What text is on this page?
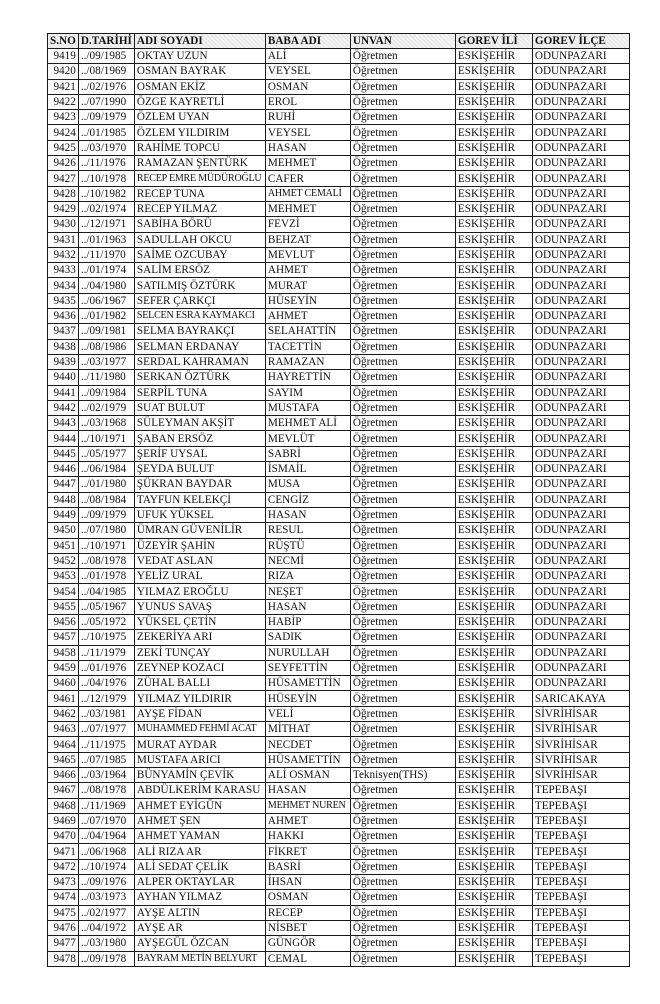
S.NO	D.TARİHİ	ADI SOYADI	BABA ADI	UNVAN	GOREV İLİ	GOREV İLÇE
9419	../09/1985	OKTAY UZUN	ALİ	Öğretmen	ESKİŞEHİR	ODUNPAZARI
9420	../08/1969	OSMAN BAYRAK	VEYSEL	Öğretmen	ESKİŞEHİR	ODUNPAZARI
9421	../02/1976	OSMAN EKİZ	OSMAN	Öğretmen	ESKİŞEHİR	ODUNPAZARI
9422	../07/1990	ÖZGE KAYRETLİ	EROL	Öğretmen	ESKİŞEHİR	ODUNPAZARI
9423	../09/1979	ÖZLEM UYAN	RUHİ	Öğretmen	ESKİŞEHİR	ODUNPAZARI
9424	../01/1985	ÖZLEM YILDIRIM	VEYSEL	Öğretmen	ESKİŞEHİR	ODUNPAZARI
9425	../03/1970	RAHİME TOPCU	HASAN	Öğretmen	ESKİŞEHİR	ODUNPAZARI
9426	../11/1976	RAMAZAN ŞENTÜRK	MEHMET	Öğretmen	ESKİŞEHİR	ODUNPAZARI
9427	../10/1978	RECEP EMRE MÜDÜROĞLU	CAFER	Öğretmen	ESKİŞEHİR	ODUNPAZARI
9428	../10/1982	RECEP TUNA	AHMET CEMALİ	Öğretmen	ESKİŞEHİR	ODUNPAZARI
9429	../02/1974	RECEP YILMAZ	MEHMET	Öğretmen	ESKİŞEHİR	ODUNPAZARI
9430	../12/1971	SABİHA BÖRÜ	FEVZİ	Öğretmen	ESKİŞEHİR	ODUNPAZARI
9431	../01/1963	SADULLAH OKCU	BEHZAT	Öğretmen	ESKİŞEHİR	ODUNPAZARI
9432	../11/1970	SAİME OZCUBAY	MEVLUT	Öğretmen	ESKİŞEHİR	ODUNPAZARI
9433	../01/1974	SALİM ERSÖZ	AHMET	Öğretmen	ESKİŞEHİR	ODUNPAZARI
9434	../04/1980	SATILMIŞ ÖZTÜRK	MURAT	Öğretmen	ESKİŞEHİR	ODUNPAZARI
9435	../06/1967	SEFER ÇARKÇI	HÜSEYİN	Öğretmen	ESKİŞEHİR	ODUNPAZARI
9436	../01/1982	SELCEN ESRA KAYMAKCI	AHMET	Öğretmen	ESKİŞEHİR	ODUNPAZARI
9437	../09/1981	SELMA BAYRAKÇI	SELAHATTİN	Öğretmen	ESKİŞEHİR	ODUNPAZARI
9438	../08/1986	SELMAN ERDANAY	TACETTİN	Öğretmen	ESKİŞEHİR	ODUNPAZARI
9439	../03/1977	SERDAL KAHRAMAN	RAMAZAN	Öğretmen	ESKİŞEHİR	ODUNPAZARI
9440	../11/1980	SERKAN ÖZTÜRK	HAYRETTİN	Öğretmen	ESKİŞEHİR	ODUNPAZARI
9441	../09/1984	SERPİL TUNA	SAYIM	Öğretmen	ESKİŞEHİR	ODUNPAZARI
9442	../02/1979	SUAT BULUT	MUSTAFA	Öğretmen	ESKİŞEHİR	ODUNPAZARI
9443	../03/1968	SÜLEYMAN AKŞİT	MEHMET ALİ	Öğretmen	ESKİŞEHİR	ODUNPAZARI
9444	../10/1971	ŞABAN ERSÖZ	MEVLÜT	Öğretmen	ESKİŞEHİR	ODUNPAZARI
9445	../05/1977	ŞERİF UYSAL	SABRİ	Öğretmen	ESKİŞEHİR	ODUNPAZARI
9446	../06/1984	ŞEYDA BULUT	İSMAİL	Öğretmen	ESKİŞEHİR	ODUNPAZARI
9447	../01/1980	ŞÜKRAN BAYDAR	MUSA	Öğretmen	ESKİŞEHİR	ODUNPAZARI
9448	../08/1984	TAYFUN KELEKÇİ	CENGİZ	Öğretmen	ESKİŞEHİR	ODUNPAZARI
9449	../09/1979	UFUK YÜKSEL	HASAN	Öğretmen	ESKİŞEHİR	ODUNPAZARI
9450	../07/1980	ÜMRAN GÜVENİLİR	RESUL	Öğretmen	ESKİŞEHİR	ODUNPAZARI
9451	../10/1971	ÜZEYİR ŞAHİN	RÜŞTÜ	Öğretmen	ESKİŞEHİR	ODUNPAZARI
9452	../08/1978	VEDAT ASLAN	NECMİ	Öğretmen	ESKİŞEHİR	ODUNPAZARI
9453	../01/1978	YELİZ URAL	RIZA	Öğretmen	ESKİŞEHİR	ODUNPAZARI
9454	../04/1985	YILMAZ EROĞLU	NEŞET	Öğretmen	ESKİŞEHİR	ODUNPAZARI
9455	../05/1967	YUNUS SAVAŞ	HASAN	Öğretmen	ESKİŞEHİR	ODUNPAZARI
9456	../05/1972	YÜKSEL ÇETİN	HABİP	Öğretmen	ESKİŞEHİR	ODUNPAZARI
9457	../10/1975	ZEKERİYA ARI	SADIK	Öğretmen	ESKİŞEHİR	ODUNPAZARI
9458	../11/1979	ZEKİ TUNÇAY	NURULLAH	Öğretmen	ESKİŞEHİR	ODUNPAZARI
9459	../01/1976	ZEYNEP KOZACI	SEYFETTİN	Öğretmen	ESKİŞEHİR	ODUNPAZARI
9460	../04/1976	ZÜHAL BALLI	HÜSAMETTİN	Öğretmen	ESKİŞEHİR	ODUNPAZARI
9461	../12/1979	YILMAZ YILDIRIR	HÜSEYİN	Öğretmen	ESKİŞEHİR	SARICAKAYA
9462	../03/1981	AYŞE FİDAN	VELİ	Öğretmen	ESKİŞEHİR	SİVRİHİSAR
9463	../07/1977	MUHAMMED FEHMİ ACAT	MİTHAT	Öğretmen	ESKİŞEHİR	SİVRİHİSAR
9464	../11/1975	MURAT AYDAR	NECDET	Öğretmen	ESKİŞEHİR	SİVRİHİSAR
9465	../07/1985	MUSTAFA ARICI	HÜSAMETTİN	Öğretmen	ESKİŞEHİR	SİVRİHİSAR
9466	../03/1964	BÜNYAMİN ÇEVİK	ALİ OSMAN	Teknisyen(THS)	ESKİŞEHİR	SİVRİHİSAR
9467	../08/1978	ABDÜLKERİM KARASU	HASAN	Öğretmen	ESKİŞEHİR	TEPEBAŞI
9468	../11/1969	AHMET EYİGÜN	MEHMET NUREN	Öğretmen	ESKİŞEHİR	TEPEBAŞI
9469	../07/1970	AHMET ŞEN	AHMET	Öğretmen	ESKİŞEHİR	TEPEBAŞI
9470	../04/1964	AHMET YAMAN	HAKKI	Öğretmen	ESKİŞEHİR	TEPEBAŞI
9471	../06/1968	ALİ RIZA AR	FİKRET	Öğretmen	ESKİŞEHİR	TEPEBAŞI
9472	../10/1974	ALİ SEDAT ÇELİK	BASRİ	Öğretmen	ESKİŞEHİR	TEPEBAŞI
9473	../09/1976	ALPER OKTAYLAR	İHSAN	Öğretmen	ESKİŞEHİR	TEPEBAŞI
9474	../03/1973	AYHAN YILMAZ	OSMAN	Öğretmen	ESKİŞEHİR	TEPEBAŞI
9475	../02/1977	AYŞE ALTIN	RECEP	Öğretmen	ESKİŞEHİR	TEPEBAŞI
9476	../04/1972	AYŞE AR	NİSBET	Öğretmen	ESKİŞEHİR	TEPEBAŞI
9477	../03/1980	AYŞEGÜL ÖZCAN	GÜNGÖR	Öğretmen	ESKİŞEHİR	TEPEBAŞI
9478	../09/1978	BAYRAM METİN BELYURT	CEMAL	Öğretmen	ESKİŞEHİR	TEPEBAŞI
